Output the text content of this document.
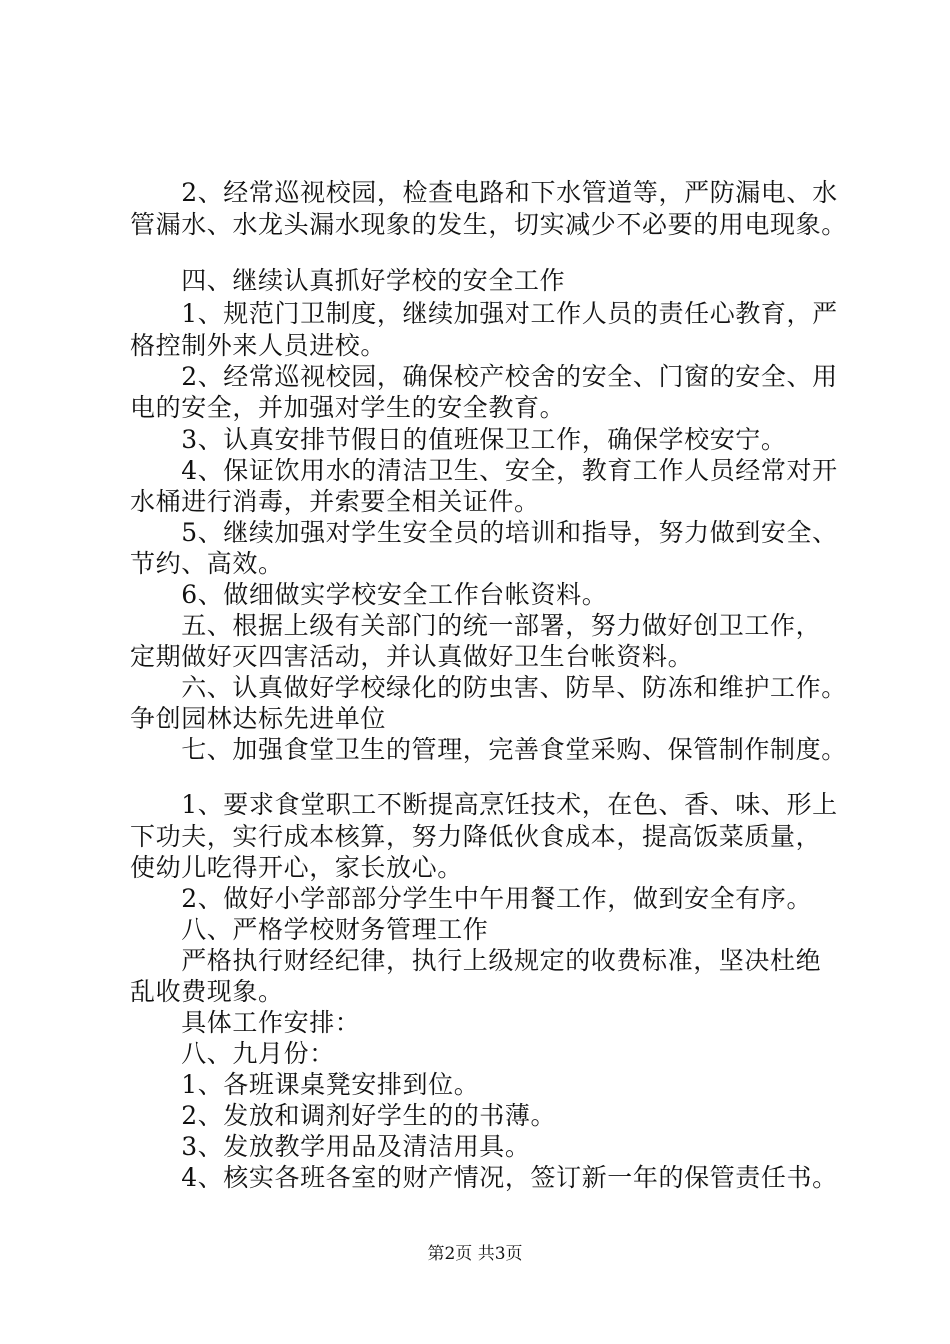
　　2、经常巡视校园，检查电路和下水管道等，严防漏电、水
管漏水、水龙头漏水现象的发生，切实减少不必要的用电现象。
　　四、继续认真抓好学校的安全工作
　　1、规范门卫制度，继续加强对工作人员的责任心教育，严
格控制外来人员进校。
　　2、经常巡视校园，确保校产校舍的安全、门窗的安全、用
电的安全，并加强对学生的安全教育。
　　3、认真安排节假日的值班保卫工作，确保学校安宁。
　　4、保证饮用水的清洁卫生、安全，教育工作人员经常对开
水桶进行消毒，并索要全相关证件。
　　5、继续加强对学生安全员的培训和指导，努力做到安全、
节约、高效。
　　6、做细做实学校安全工作台帐资料。
　　五、根据上级有关部门的统一部署，努力做好创卫工作，
定期做好灭四害活动，并认真做好卫生台帐资料。
　　六、认真做好学校绿化的防虫害、防旱、防冻和维护工作。
争创园林达标先进单位
　　七、加强食堂卫生的管理，完善食堂采购、保管制作制度。
　　1、要求食堂职工不断提高烹饪技术，在色、香、味、形上
下功夫，实行成本核算，努力降低伙食成本，提高饭菜质量，
使幼儿吃得开心，家长放心。
　　2、做好小学部部分学生中午用餐工作，做到安全有序。
　　八、严格学校财务管理工作
　　严格执行财经纪律，执行上级规定的收费标准，坚决杜绝
乱收费现象。
　　具体工作安排：
　　八、九月份：
　　1、各班课桌凳安排到位。
　　2、发放和调剂好学生的的书薄。
　　3、发放教学用品及清洁用具。
　　4、核实各班各室的财产情况，签订新一年的保管责任书。
第2页 共3页
